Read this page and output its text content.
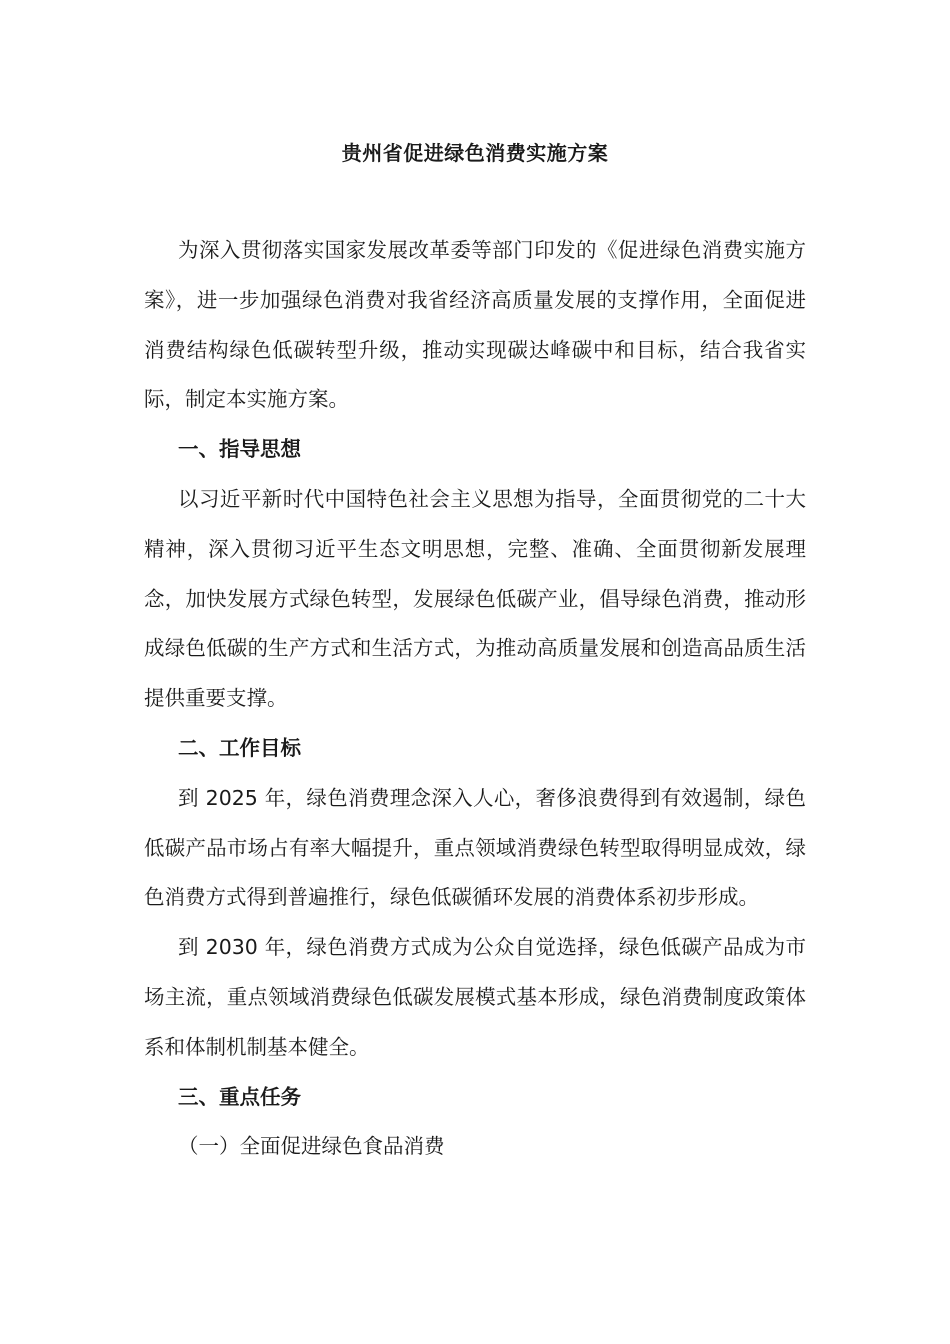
贵州省促进绿色消费实施方案

为深入贯彻落实国家发展改革委等部门印发的《促进绿色消费实施方案》，进一步加强绿色消费对我省经济高质量发展的支撑作用，全面促进消费结构绿色低碳转型升级，推动实现碳达峰碳中和目标，结合我省实际，制定本实施方案。

一、指导思想

以习近平新时代中国特色社会主义思想为指导，全面贯彻党的二十大精神，深入贯彻习近平生态文明思想，完整、准确、全面贯彻新发展理念，加快发展方式绿色转型，发展绿色低碳产业，倡导绿色消费，推动形成绿色低碳的生产方式和生活方式，为推动高质量发展和创造高品质生活提供重要支撑。

二、工作目标

到 2025 年，绿色消费理念深入人心，奢侈浪费得到有效遏制，绿色低碳产品市场占有率大幅提升，重点领域消费绿色转型取得明显成效，绿色消费方式得到普遍推行，绿色低碳循环发展的消费体系初步形成。

到 2030 年，绿色消费方式成为公众自觉选择，绿色低碳产品成为市场主流，重点领域消费绿色低碳发展模式基本形成，绿色消费制度政策体系和体制机制基本健全。

三、重点任务

（一）全面促进绿色食品消费
